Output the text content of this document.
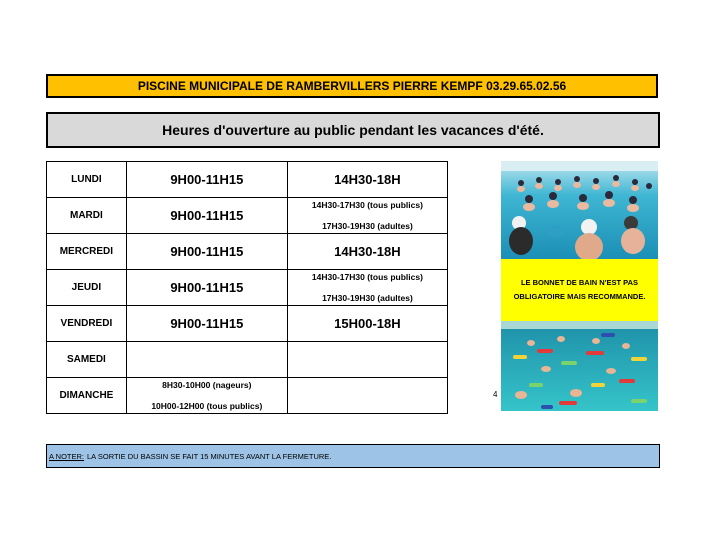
PISCINE MUNICIPALE DE RAMBERVILLERS PIERRE KEMPF 03.29.65.02.56
Heures d'ouverture au public pendant les vacances d'été.
LUNDI	9H00-11H15	14H30-18H
MARDI	9H00-11H15	14H30-17H30 (tous publics)
17H30-19H30 (adultes)

MERCREDI	9H00-11H15	14H30-18H
JEUDI	9H00-11H15	14H30-17H30 (tous publics)
17H30-19H30 (adultes)

VENDREDI	9H00-11H15	15H00-18H
SAMEDI		
DIMANCHE	8H30-10H00 (nageurs)
10H00-12H00 (tous publics)	

LE BONNET DE BAIN N'EST PAS
OBLIGATOIRE MAIS RECOMMANDE.
4
A NOTER: LA SORTIE DU BASSIN SE FAIT 15 MINUTES AVANT LA FERMETURE.
